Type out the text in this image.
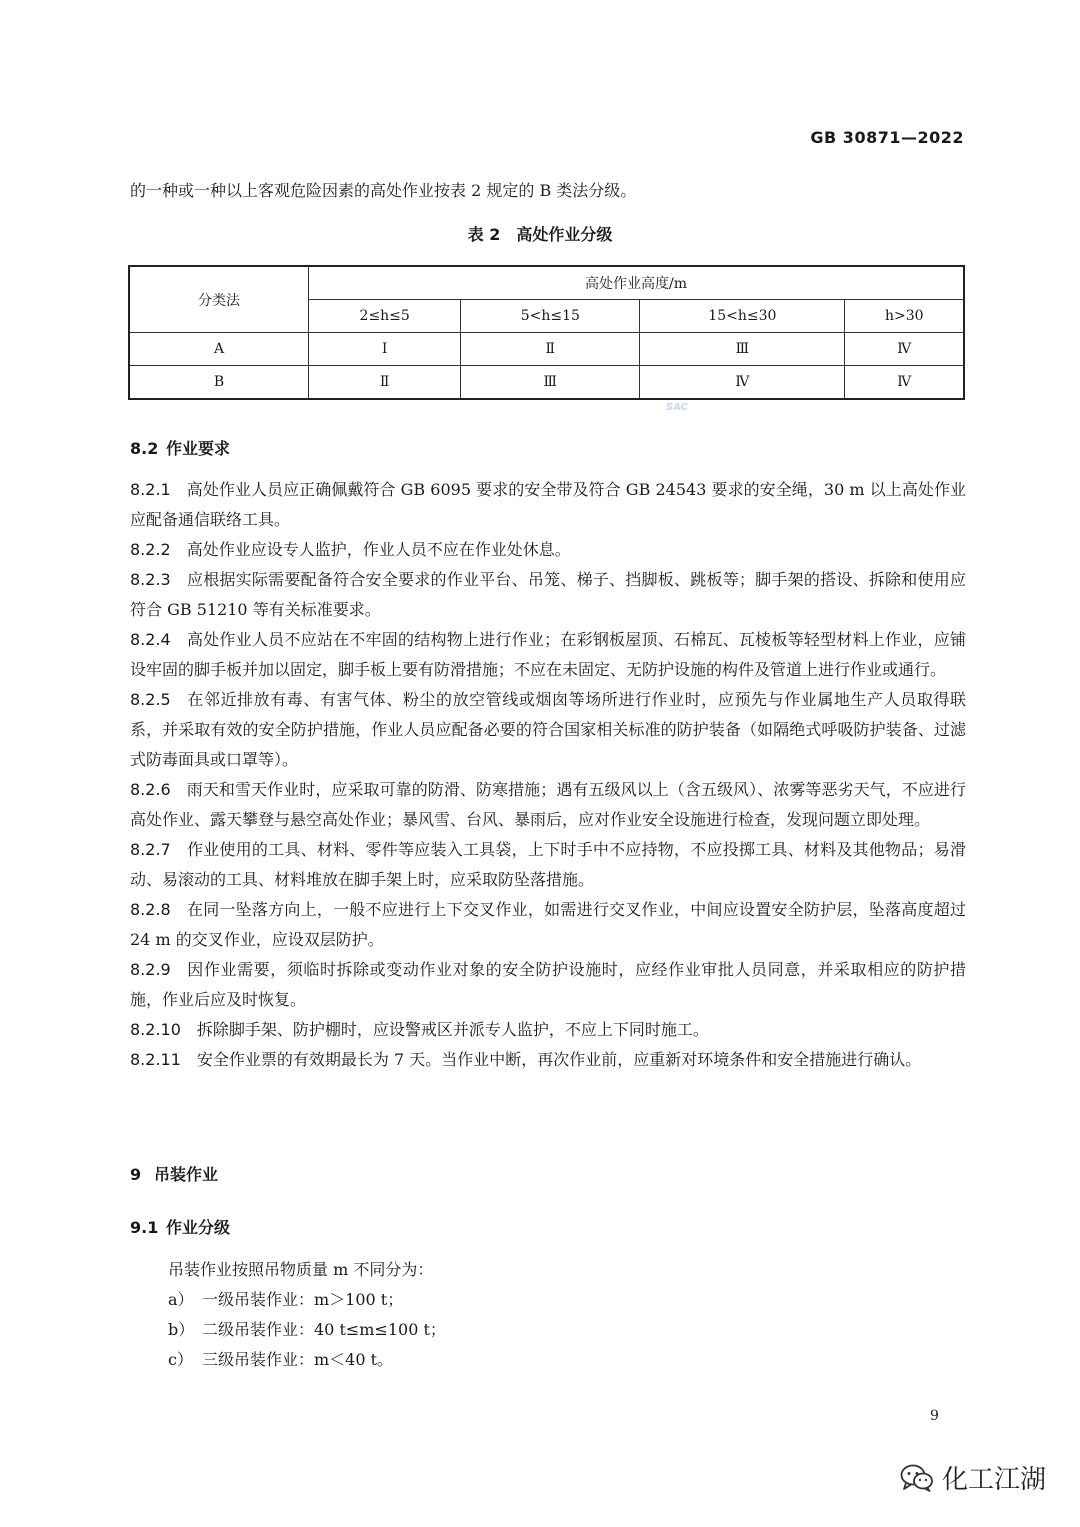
GB 30871—2022
的一种或一种以上客观危险因素的高处作业按表 2 规定的 B 类法分级。
表 2　高处作业分级
分类法	高处作业高度/m			
	2≤h≤5	5<h≤15	15<h≤30	h>30
A	Ⅰ	Ⅱ	Ⅲ	Ⅳ
B	Ⅱ	Ⅲ	Ⅳ	Ⅳ
SAC
8.2 作业要求
8.2.1 高处作业人员应正确佩戴符合 GB 6095 要求的安全带及符合 GB 24543 要求的安全绳，30 m 以上高处作业应配备通信联络工具。
8.2.2 高处作业应设专人监护，作业人员不应在作业处休息。
8.2.3 应根据实际需要配备符合安全要求的作业平台、吊笼、梯子、挡脚板、跳板等；脚手架的搭设、拆除和使用应符合 GB 51210 等有关标准要求。
8.2.4 高处作业人员不应站在不牢固的结构物上进行作业；在彩钢板屋顶、石棉瓦、瓦棱板等轻型材料上作业，应铺设牢固的脚手板并加以固定，脚手板上要有防滑措施；不应在未固定、无防护设施的构件及管道上进行作业或通行。
8.2.5 在邻近排放有毒、有害气体、粉尘的放空管线或烟囱等场所进行作业时，应预先与作业属地生产人员取得联系，并采取有效的安全防护措施，作业人员应配备必要的符合国家相关标准的防护装备（如隔绝式呼吸防护装备、过滤式防毒面具或口罩等）。
8.2.6 雨天和雪天作业时，应采取可靠的防滑、防寒措施；遇有五级风以上（含五级风）、浓雾等恶劣天气，不应进行高处作业、露天攀登与悬空高处作业；暴风雪、台风、暴雨后，应对作业安全设施进行检查，发现问题立即处理。
8.2.7 作业使用的工具、材料、零件等应装入工具袋，上下时手中不应持物，不应投掷工具、材料及其他物品；易滑动、易滚动的工具、材料堆放在脚手架上时，应采取防坠落措施。
8.2.8 在同一坠落方向上，一般不应进行上下交叉作业，如需进行交叉作业，中间应设置安全防护层，坠落高度超过 24 m 的交叉作业，应设双层防护。
8.2.9 因作业需要，须临时拆除或变动作业对象的安全防护设施时，应经作业审批人员同意，并采取相应的防护措施，作业后应及时恢复。
8.2.10 拆除脚手架、防护棚时，应设警戒区并派专人监护，不应上下同时施工。
8.2.11 安全作业票的有效期最长为 7 天。当作业中断，再次作业前，应重新对环境条件和安全措施进行确认。
9 吊装作业
9.1 作业分级
吊装作业按照吊物质量 m 不同分为：
a） 一级吊装作业：m＞100 t；
b） 二级吊装作业：40 t≤m≤100 t；
c） 三级吊装作业：m＜40 t。
9
化工江湖
